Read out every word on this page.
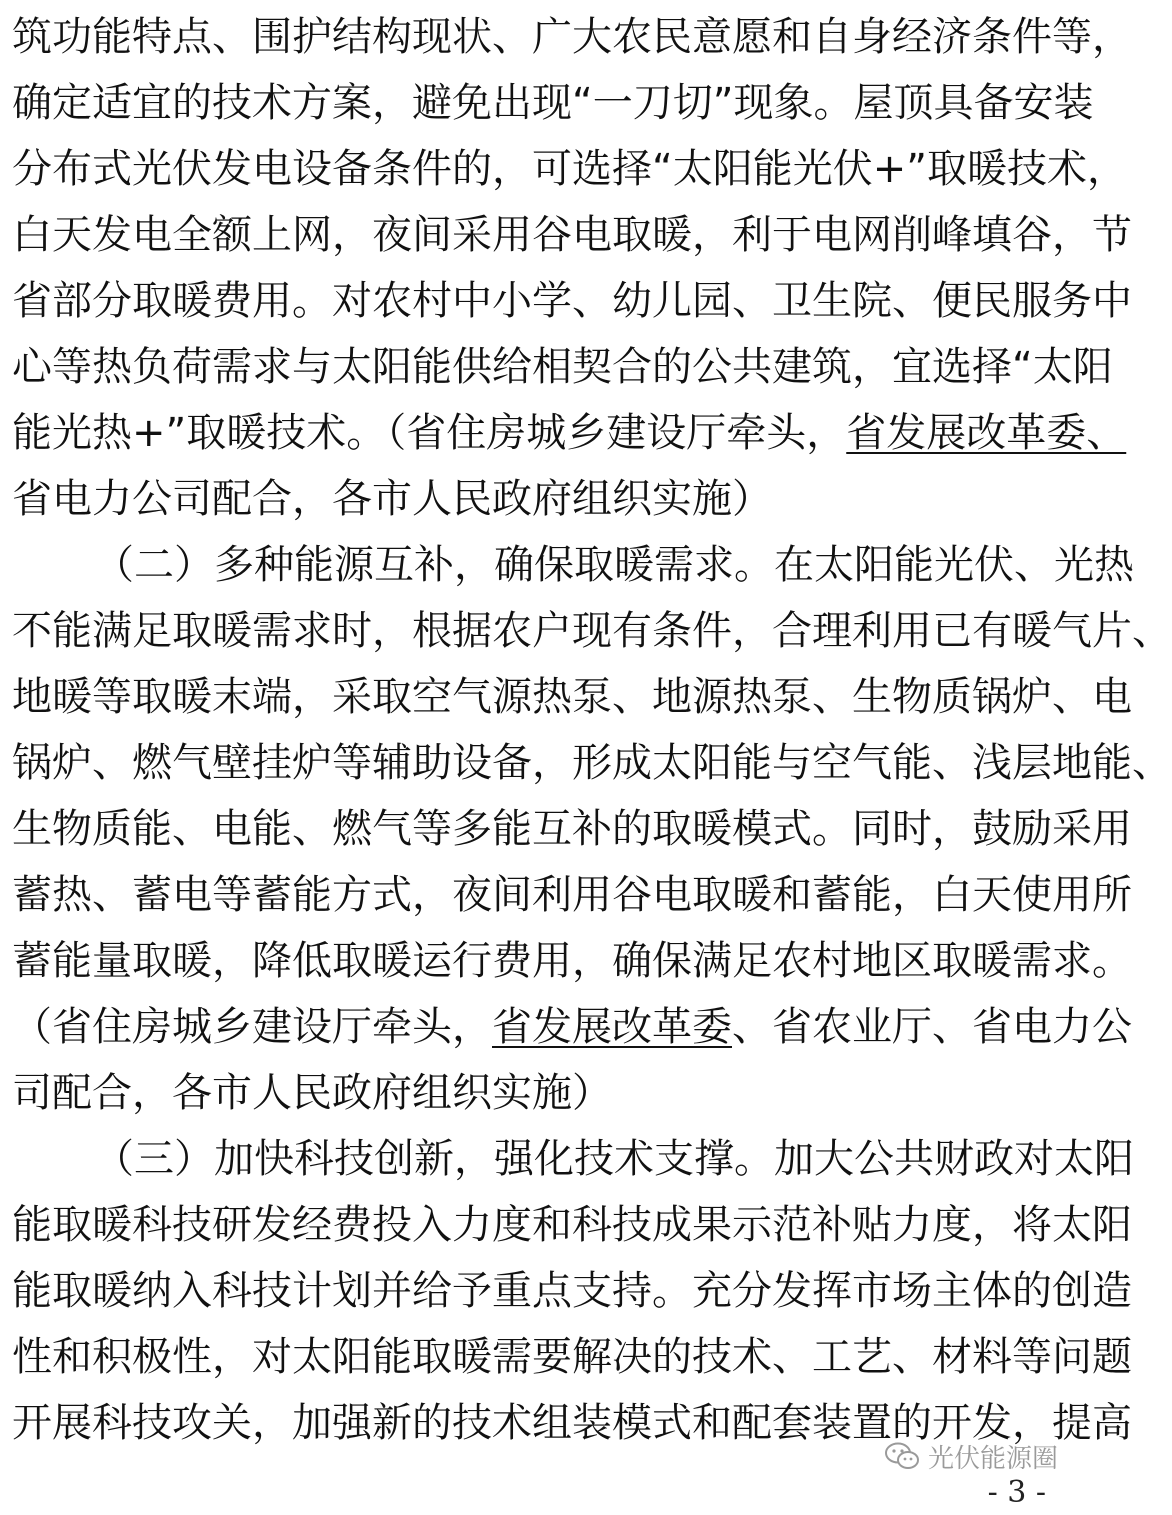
筑功能特点、围护结构现状、广大农民意愿和自身经济条件等，
确定适宜的技术方案，避免出现“一刀切”现象。屋顶具备安装
分布式光伏发电设备条件的，可选择“太阳能光伏+”取暖技术，
白天发电全额上网，夜间采用谷电取暖，利于电网削峰填谷，节
省部分取暖费用。对农村中小学、幼儿园、卫生院、便民服务中
心等热负荷需求与太阳能供给相契合的公共建筑，宜选择“太阳
能光热+”取暖技术。（省住房城乡建设厅牵头，省发展改革委、
省电力公司配合，各市人民政府组织实施）
（二）多种能源互补，确保取暖需求。在太阳能光伏、光热
不能满足取暖需求时，根据农户现有条件，合理利用已有暖气片、
地暖等取暖末端，采取空气源热泵、地源热泵、生物质锅炉、电
锅炉、燃气壁挂炉等辅助设备，形成太阳能与空气能、浅层地能、
生物质能、电能、燃气等多能互补的取暖模式。同时，鼓励采用
蓄热、蓄电等蓄能方式，夜间利用谷电取暖和蓄能，白天使用所
蓄能量取暖，降低取暖运行费用，确保满足农村地区取暖需求。
（省住房城乡建设厅牵头，省发展改革委、省农业厅、省电力公
司配合，各市人民政府组织实施）
（三）加快科技创新，强化技术支撑。加大公共财政对太阳
能取暖科技研发经费投入力度和科技成果示范补贴力度，将太阳
能取暖纳入科技计划并给予重点支持。充分发挥市场主体的创造
性和积极性，对太阳能取暖需要解决的技术、工艺、材料等问题
开展科技攻关，加强新的技术组装模式和配套装置的开发，提高
光伏能源圈
- 3 -
